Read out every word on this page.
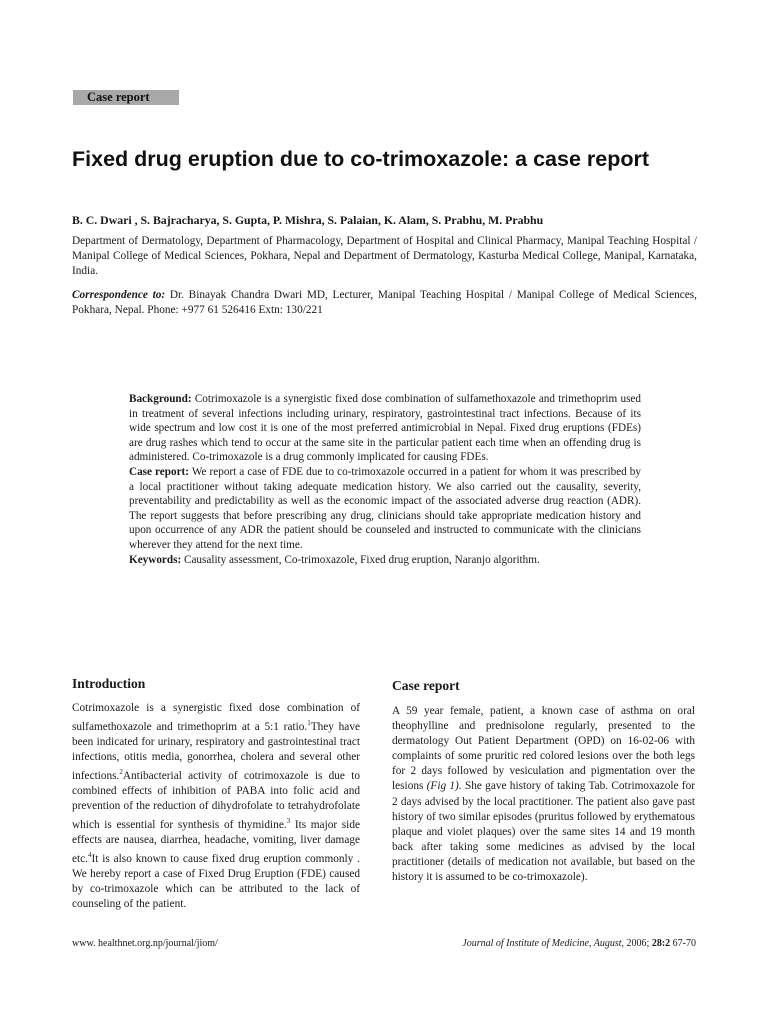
Case report
Fixed drug eruption due to co-trimoxazole: a case report
B. C. Dwari , S. Bajracharya, S. Gupta, P. Mishra, S. Palaian, K. Alam, S. Prabhu, M. Prabhu
Department of Dermatology, Department of Pharmacology, Department of Hospital and Clinical Pharmacy, Manipal Teaching Hospital / Manipal College of Medical Sciences, Pokhara, Nepal and Department of Dermatology, Kasturba Medical College, Manipal, Karnataka, India.
Correspondence to: Dr. Binayak Chandra Dwari MD, Lecturer, Manipal Teaching Hospital / Manipal College of Medical Sciences, Pokhara, Nepal. Phone: +977 61 526416 Extn: 130/221

Background: Cotrimoxazole is a synergistic fixed dose combination of sulfamethoxazole and trimethoprim used in treatment of several infections including urinary, respiratory, gastrointestinal tract infections. Because of its wide spectrum and low cost it is one of the most preferred antimicrobial in Nepal. Fixed drug eruptions (FDEs) are drug rashes which tend to occur at the same site in the particular patient each time when an offending drug is administered. Co-trimoxazole is a drug commonly implicated for causing FDEs.

Case report: We report a case of FDE due to co-trimoxazole occurred in a patient for whom it was prescribed by a local practitioner without taking adequate medication history. We also carried out the causality, severity, preventability and predictability as well as the economic impact of the associated adverse drug reaction (ADR). The report suggests that before prescribing any drug, clinicians should take appropriate medication history and upon occurrence of any ADR the patient should be counseled and instructed to communicate with the clinicians wherever they attend for the next time.

Keywords: Causality assessment, Co-trimoxazole, Fixed drug eruption, Naranjo algorithm.

Introduction

Cotrimoxazole is a synergistic fixed dose combination of sulfamethoxazole and trimethoprim at a 5:1 ratio.$^1$They have been indicated for urinary, respiratory and gastrointestinal tract infections, otitis media, gonorrhea, cholera and several other infections.$^2$Antibacterial activity of cotrimoxazole is due to combined effects of inhibition of PABA into folic acid and prevention of the reduction of dihydrofolate to tetrahydrofolate which is essential for synthesis of thymidine.$^3$ Its major side effects are nausea, diarrhea, headache, vomiting, liver damage etc.$^4$It is also known to cause fixed drug eruption commonly . We hereby report a case of Fixed Drug Eruption (FDE) caused by co-trimoxazole which can be attributed to the lack of counseling of the patient.

Case report

A 59 year female, patient, a known case of asthma on oral theophylline and prednisolone regularly, presented to the dermatology Out Patient Department (OPD) on 16-02-06 with complaints of some pruritic red colored lesions over the both legs for 2 days followed by vesiculation and pigmentation over the lesions (Fig 1). She gave history of taking Tab. Cotrimoxazole for 2 days advised by the local practitioner. The patient also gave past history of two similar episodes (pruritus followed by erythematous plaque and violet plaques) over the same sites 14 and 19 month back after taking some medicines as advised by the local practitioner (details of medication not available, but based on the history it is assumed to be co-trimoxazole).

www. healthnet.org.np/journal/jiom/	Journal of Institute of Medicine, August, 2006; 28:2 67-70
